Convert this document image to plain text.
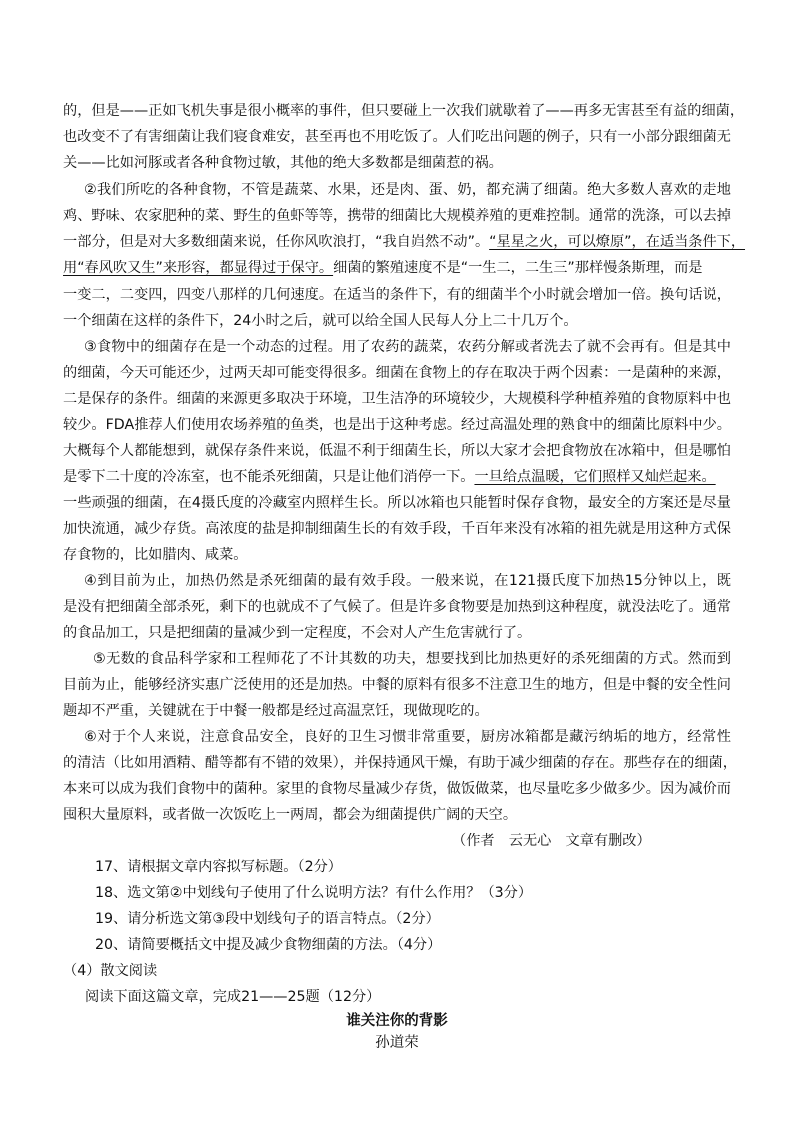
的，但是——正如飞机失事是很小概率的事件，但只要碰上一次我们就歇着了——再多无害甚至有益的细菌，
也改变不了有害细菌让我们寝食难安，甚至再也不用吃饭了。人们吃出问题的例子，只有一小部分跟细菌无
关——比如河豚或者各种食物过敏，其他的绝大多数都是细菌惹的祸。
②我们所吃的各种食物，不管是蔬菜、水果，还是肉、蛋、奶，都充满了细菌。绝大多数人喜欢的走地
鸡、野味、农家肥种的菜、野生的鱼虾等等，携带的细菌比大规模养殖的更难控制。通常的洗涤，可以去掉
一部分，但是对大多数细菌来说，任你风吹浪打，“我自岿然不动”。“星星之火，可以燎原”，在适当条件下，
用“春风吹又生”来形容，都显得过于保守。细菌的繁殖速度不是“一生二，二生三”那样慢条斯理，而是
一变二，二变四，四变八那样的几何速度。在适当的条件下，有的细菌半个小时就会增加一倍。换句话说，
一个细菌在这样的条件下，24小时之后，就可以给全国人民每人分上二十几万个。
③食物中的细菌存在是一个动态的过程。用了农药的蔬菜，农药分解或者洗去了就不会再有。但是其中
的细菌，今天可能还少，过两天却可能变得很多。细菌在食物上的存在取决于两个因素：一是菌种的来源，
二是保存的条件。细菌的来源更多取决于环境，卫生洁净的环境较少，大规模科学种植养殖的食物原料中也
较少。FDA推荐人们使用农场养殖的鱼类，也是出于这种考虑。经过高温处理的熟食中的细菌比原料中少。
大概每个人都能想到，就保存条件来说，低温不利于细菌生长，所以大家才会把食物放在冰箱中，但是哪怕
是零下二十度的冷冻室，也不能杀死细菌，只是让他们消停一下。一旦给点温暖，它们照样又灿烂起来。
一些顽强的细菌，在4摄氏度的冷藏室内照样生长。所以冰箱也只能暂时保存食物，最安全的方案还是尽量
加快流通，减少存货。高浓度的盐是抑制细菌生长的有效手段，千百年来没有冰箱的祖先就是用这种方式保
存食物的，比如腊肉、咸菜。
④到目前为止，加热仍然是杀死细菌的最有效手段。一般来说，在121摄氏度下加热15分钟以上，既
是没有把细菌全部杀死，剩下的也就成不了气候了。但是许多食物要是加热到这种程度，就没法吃了。通常
的食品加工，只是把细菌的量减少到一定程度，不会对人产生危害就行了。
⑤无数的食品科学家和工程师花了不计其数的功夫，想要找到比加热更好的杀死细菌的方式。然而到
目前为止，能够经济实惠广泛使用的还是加热。中餐的原料有很多不注意卫生的地方，但是中餐的安全性问
题却不严重，关键就在于中餐一般都是经过高温烹饪，现做现吃的。
⑥对于个人来说，注意食品安全，良好的卫生习惯非常重要，厨房冰箱都是藏污纳垢的地方，经常性
的清洁（比如用酒精、醋等都有不错的效果），并保持通风干燥，有助于减少细菌的存在。那些存在的细菌，
本来可以成为我们食物中的菌种。家里的食物尽量减少存货，做饭做菜，也尽量吃多少做多少。因为减价而
囤积大量原料，或者做一次饭吃上一两周，都会为细菌提供广阔的天空。
（作者　云无心　文章有删改）
17、请根据文章内容拟写标题。（2分）
18、选文第②中划线句子使用了什么说明方法？有什么作用？（3分）
19、请分析选文第③段中划线句子的语言特点。（2分）
20、请简要概括文中提及减少食物细菌的方法。（4分）
（4）散文阅读
阅读下面这篇文章，完成21——25题（12分）
谁关注你的背影
孙道荣
